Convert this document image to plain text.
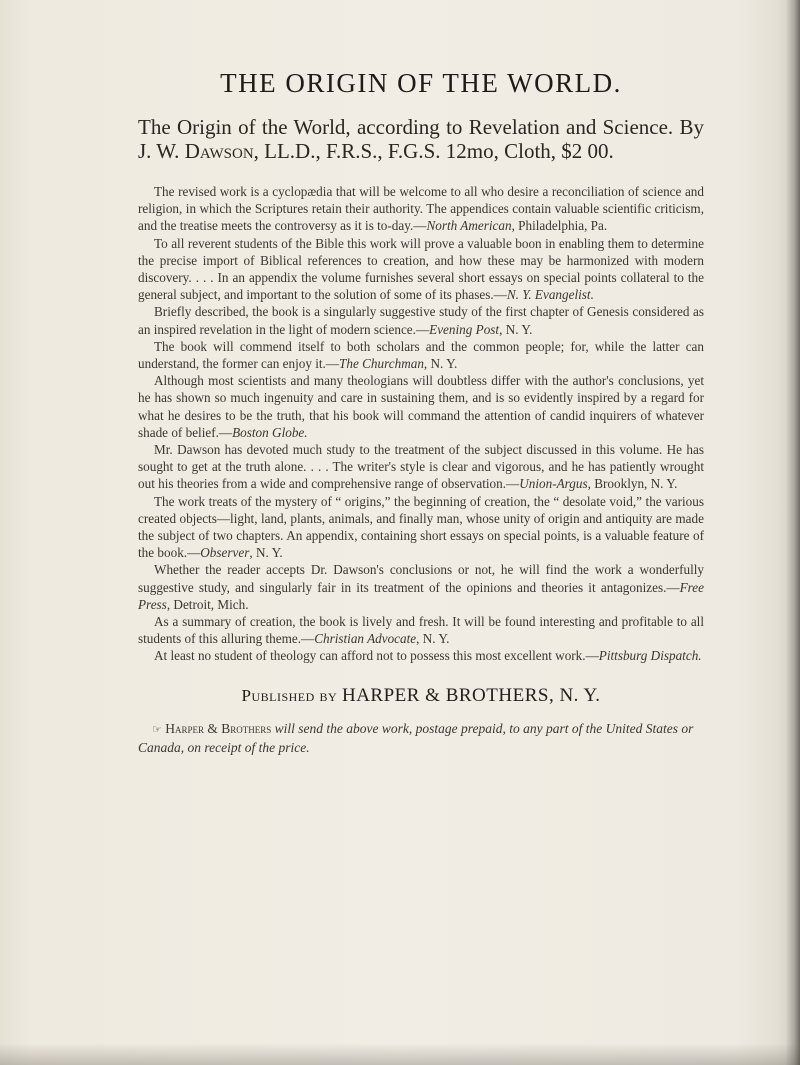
THE ORIGIN OF THE WORLD.

The Origin of the World, according to Revelation and Science. By J. W. Dawson, LL.D., F.R.S., F.G.S. 12mo, Cloth, $2 00.

The revised work is a cyclopædia that will be welcome to all who desire a reconciliation of science and religion, in which the Scriptures retain their authority. The appendices contain valuable scientific criticism, and the treatise meets the controversy as it is to-day.—North American, Philadelphia, Pa.

To all reverent students of the Bible this work will prove a valuable boon in enabling them to determine the precise import of Biblical references to creation, and how these may be harmonized with modern discovery. . . . In an appendix the volume furnishes several short essays on special points collateral to the general subject, and important to the solution of some of its phases.—N. Y. Evangelist.

Briefly described, the book is a singularly suggestive study of the first chapter of Genesis considered as an inspired revelation in the light of modern science.—Evening Post, N. Y.

The book will commend itself to both scholars and the common people; for, while the latter can understand, the former can enjoy it.—The Churchman, N. Y.

Although most scientists and many theologians will doubtless differ with the author's conclusions, yet he has shown so much ingenuity and care in sustaining them, and is so evidently inspired by a regard for what he desires to be the truth, that his book will command the attention of candid inquirers of whatever shade of belief.—Boston Globe.

Mr. Dawson has devoted much study to the treatment of the subject discussed in this volume. He has sought to get at the truth alone. . . . The writer's style is clear and vigorous, and he has patiently wrought out his theories from a wide and comprehensive range of observation.—Union-Argus, Brooklyn, N. Y.

The work treats of the mystery of “ origins,” the beginning of creation, the “ desolate void,” the various created objects—light, land, plants, animals, and finally man, whose unity of origin and antiquity are made the subject of two chapters. An appendix, containing short essays on special points, is a valuable feature of the book.—Observer, N. Y.

Whether the reader accepts Dr. Dawson's conclusions or not, he will find the work a wonderfully suggestive study, and singularly fair in its treatment of the opinions and theories it antagonizes.—Free Press, Detroit, Mich.

As a summary of creation, the book is lively and fresh. It will be found interesting and profitable to all students of this alluring theme.—Christian Advocate, N. Y.

At least no student of theology can afford not to possess this most excellent work.—Pittsburg Dispatch.

Published by HARPER & BROTHERS, N. Y.

☞ Harper & Brothers will send the above work, postage prepaid, to any part of the United States or Canada, on receipt of the price.
